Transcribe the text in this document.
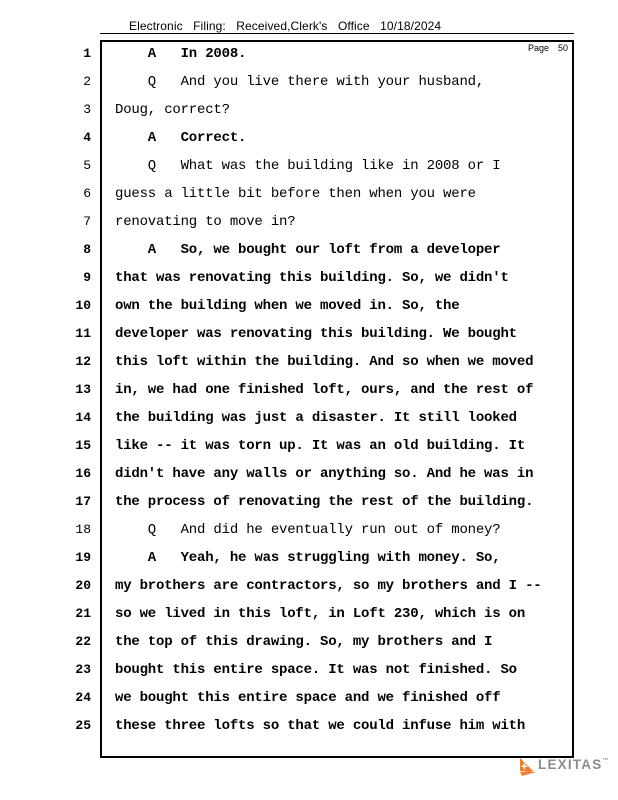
Electronic Filing: Received,Clerk's Office 10/18/2024
Page 50
1	A   In 2008.
2	Q   And you live there with your husband,
3	Doug, correct?
4	A   Correct.
5	Q   What was the building like in 2008 or I
6	guess a little bit before then when you were
7	renovating to move in?
8	A   So, we bought our loft from a developer
9	that was renovating this building. So, we didn't
10	own the building when we moved in. So, the
11	developer was renovating this building. We bought
12	this loft within the building. And so when we moved
13	in, we had one finished loft, ours, and the rest of
14	the building was just a disaster. It still looked
15	like -- it was torn up. It was an old building. It
16	didn't have any walls or anything so. And he was in
17	the process of renovating the rest of the building.
18	Q   And did he eventually run out of money?
19	A   Yeah, he was struggling with money. So,
20	my brothers are contractors, so my brothers and I --
21	so we lived in this loft, in Loft 230, which is on
22	the top of this drawing. So, my brothers and I
23	bought this entire space. It was not finished. So
24	we bought this entire space and we finished off
25	these three lofts so that we could infuse him with
LEXITAS™
